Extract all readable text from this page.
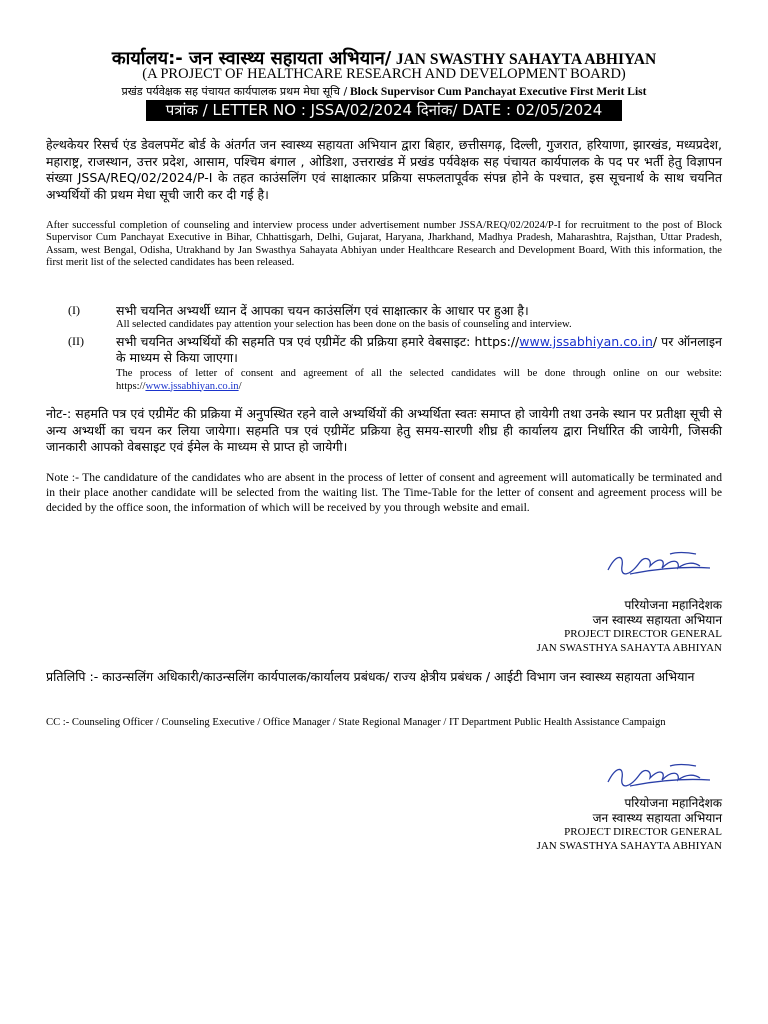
कार्यालय:- जन स्वास्थ्य सहायता अभियान/ JAN SWASTHY SAHAYTA ABHIYAN
(A PROJECT OF HEALTHCARE RESEARCH AND DEVELOPMENT BOARD)
प्रखंड पर्यवेक्षक सह पंचायत कार्यपालक प्रथम मेघा सूचि / Block Supervisor Cum Panchayat Executive First Merit List
पत्रांक / LETTER NO : JSSA/02/2024 दिनांक/ DATE : 02/05/2024
हेल्थकेयर रिसर्च एंड डेवलपमेंट बोर्ड के अंतर्गत जन स्वास्थ्य सहायता अभियान द्वारा बिहार, छत्तीसगढ़, दिल्ली, गुजरात, हरियाणा, झारखंड, मध्यप्रदेश, महाराष्ट्र, राजस्थान, उत्तर प्रदेश, आसाम, पश्चिम बंगाल , ओडिशा, उत्तराखंड में प्रखंड पर्यवेक्षक सह पंचायत कार्यपालक के पद पर भर्ती हेतु विज्ञापन संख्या JSSA/REQ/02/2024/P-I के तहत काउंसलिंग एवं साक्षात्कार प्रक्रिया सफलतापूर्वक संपन्न होने के पश्चात, इस सूचनार्थ के साथ चयनित अभ्यर्थियों की प्रथम मेधा सूची जारी कर दी गई है।
After successful completion of counseling and interview process under advertisement number JSSA/REQ/02/2024/P-I for recruitment to the post of Block Supervisor Cum Panchayat Executive in Bihar, Chhattisgarh, Delhi, Gujarat, Haryana, Jharkhand, Madhya Pradesh, Maharashtra, Rajsthan, Uttar Pradesh, Assam, west Bengal, Odisha, Utrakhand by Jan Swasthya Sahayata Abhiyan under Healthcare Research and Development Board, With this information, the first merit list of the selected candidates has been released.
(I)	सभी चयनित अभ्यर्थी ध्यान दें आपका चयन काउंसलिंग एवं साक्षात्कार के आधार पर हुआ है।
All selected candidates pay attention your selection has been done on the basis of counseling and interview.
(II)	सभी चयनित अभ्यर्थियों की सहमति पत्र एवं एग्रीमेंट की प्रक्रिया हमारे वेबसाइट: https://www.jssabhiyan.co.in/ पर ऑनलाइन के माध्यम से किया जाएगा।
The process of letter of consent and agreement of all the selected candidates will be done through online on our website: https://www.jssabhiyan.co.in/
नोट-: सहमति पत्र एवं एग्रीमेंट की प्रक्रिया में अनुपस्थित रहने वाले अभ्यर्थियों की अभ्यर्थिता स्वतः समाप्त हो जायेगी तथा उनके स्थान पर प्रतीक्षा सूची से अन्य अभ्यर्थी का चयन कर लिया जायेगा। सहमति पत्र एवं एग्रीमेंट प्रक्रिया हेतु समय-सारणी शीघ्र ही कार्यालय द्वारा निर्धारित की जायेगी, जिसकी जानकारी आपको वेबसाइट एवं ईमेल के माध्यम से प्राप्त हो जायेगी।
Note :- The candidature of the candidates who are absent in the process of letter of consent and agreement will automatically be terminated and in their place another candidate will be selected from the waiting list. The Time-Table for the letter of consent and agreement process will be decided by the office soon, the information of which will be received by you through website and email.
परियोजना महानिदेशक
जन स्वास्थ्य सहायता अभियान
PROJECT DIRECTOR GENERAL
JAN SWASTHYA SAHAYTA ABHIYAN
प्रतिलिपि :- काउन्सलिंग अधिकारी/काउन्सलिंग कार्यपालक/कार्यालय प्रबंधक/ राज्य क्षेत्रीय प्रबंधक / आईटी विभाग जन स्वास्थ्य सहायता अभियान
CC :- Counseling Officer / Counseling Executive / Office Manager / State Regional Manager / IT Department Public Health Assistance Campaign
परियोजना महानिदेशक
जन स्वास्थ्य सहायता अभियान
PROJECT DIRECTOR GENERAL
JAN SWASTHYA SAHAYTA ABHIYAN
